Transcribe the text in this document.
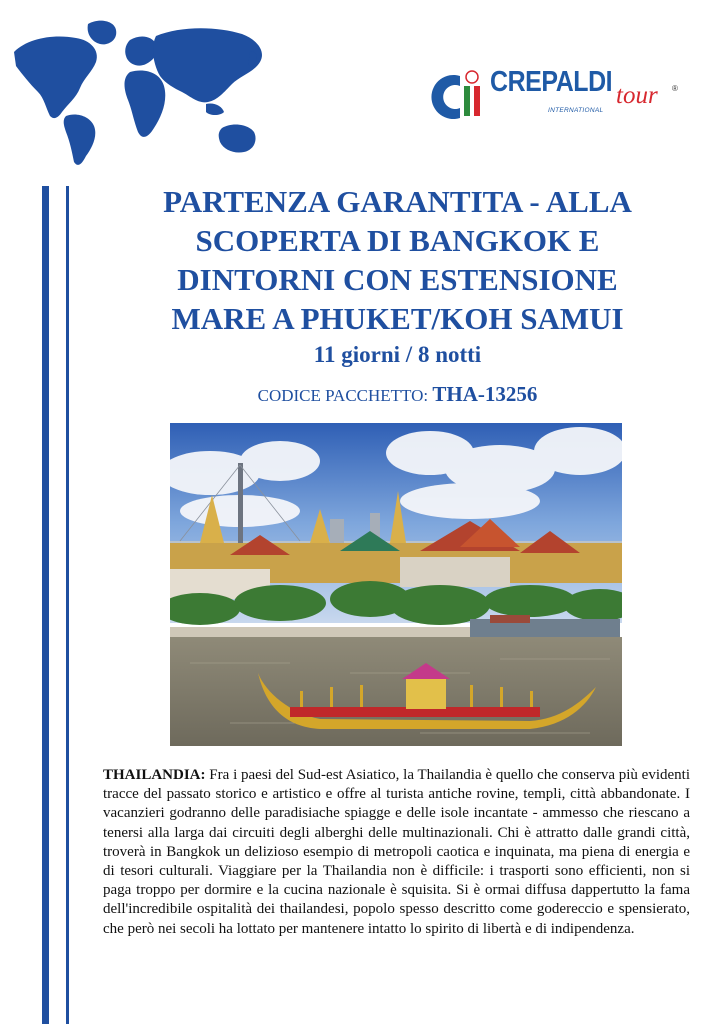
CREPALDI tour
INTERNATIONAL
®
PARTENZA GARANTITA - ALLA
SCOPERTA DI BANGKOK E
DINTORNI CON ESTENSIONE
MARE A PHUKET/KOH SAMUI
11 giorni / 8 notti
CODICE PACCHETTO: THA-13256

THAILANDIA: Fra i paesi del Sud-est Asiatico, la Thailandia è quello che conserva più evidenti tracce del passato storico e artistico e offre al turista antiche rovine, templi, città abbandonate. I vacanzieri godranno delle paradisiache spiagge e delle isole incantate - ammesso che riescano a tenersi alla larga dai circuiti degli alberghi delle multinazionali. Chi è attratto dalle grandi città, troverà in Bangkok un delizioso esempio di metropoli caotica e inquinata, ma piena di energia e di tesori culturali. Viaggiare per la Thailandia non è difficile: i trasporti sono efficienti, non si paga troppo per dormire e la cucina nazionale è squisita. Si è ormai diffusa dappertutto la fama dell'incredibile ospitalità dei thailandesi, popolo spesso descritto come godereccio e spensierato, che però nei secoli ha lottato per mantenere intatto lo spirito di libertà e di indipendenza.
